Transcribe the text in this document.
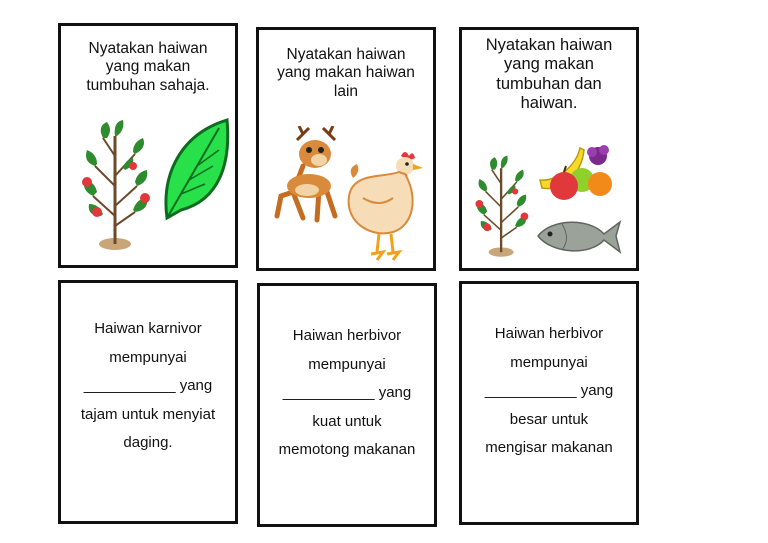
Nyatakan haiwan
yang makan
tumbuhan sahaja.
Nyatakan haiwan
yang makan haiwan
lain
Nyatakan haiwan
yang makan
tumbuhan dan
haiwan.
Haiwan karnivor
mempunyai
___________ yang
tajam untuk menyiat
daging.
Haiwan herbivor
mempunyai
___________ yang
kuat untuk
memotong makanan
Haiwan herbivor
mempunyai
___________ yang
besar untuk
mengisar makanan
